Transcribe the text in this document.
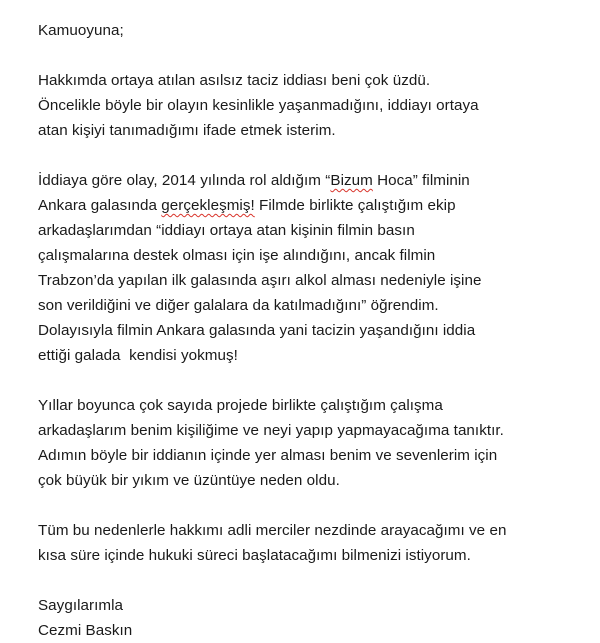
Kamuoyuna;
Hakkımda ortaya atılan asılsız taciz iddiası beni çok üzdü.
Öncelikle böyle bir olayın kesinlikle yaşanmadığını, iddiayı ortaya
atan kişiyi tanımadığımı ifade etmek isterim.
İddiaya göre olay, 2014 yılında rol aldığım “Bizum Hoca” filminin
Ankara galasında gerçekleşmiş! Filmde birlikte çalıştığım ekip
arkadaşlarımdan “iddiayı ortaya atan kişinin filmin basın
çalışmalarına destek olması için işe alındığını, ancak filmin
Trabzon’da yapılan ilk galasında aşırı alkol alması nedeniyle işine
son verildiğini ve diğer galalara da katılmadığını” öğrendim.
Dolayısıyla filmin Ankara galasında yani tacizin yaşandığını iddia
ettiği galada  kendisi yokmuş!
Yıllar boyunca çok sayıda projede birlikte çalıştığım çalışma
arkadaşlarım benim kişiliğime ve neyi yapıp yapmayacağıma tanıktır.
Adımın böyle bir iddianın içinde yer alması benim ve sevenlerim için
çok büyük bir yıkım ve üzüntüye neden oldu.
Tüm bu nedenlerle hakkımı adli merciler nezdinde arayacağımı ve en
kısa süre içinde hukuki süreci başlatacağımı bilmenizi istiyorum.
Saygılarımla
Cezmi Baskın
